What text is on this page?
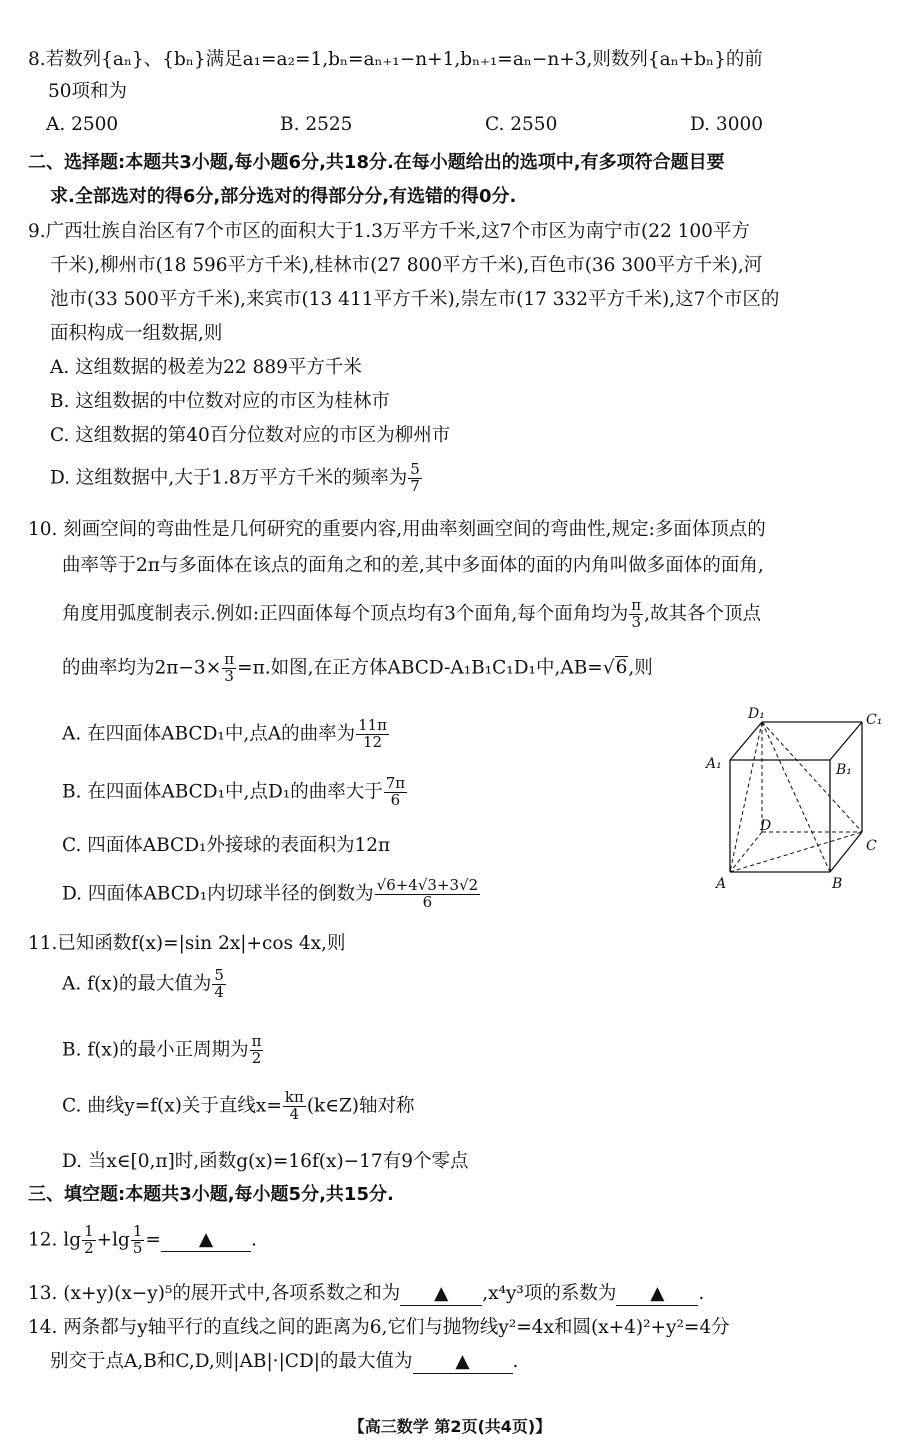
8.若数列{aₙ}、{bₙ}满足a₁=a₂=1,bₙ=aₙ₊₁−n+1,bₙ₊₁=aₙ−n+3,则数列{aₙ+bₙ}的前
50项和为
A. 2500	B. 2525	C. 2550	D. 3000
二、选择题:本题共3小题,每小题6分,共18分.在每小题给出的选项中,有多项符合题目要
求.全部选对的得6分,部分选对的得部分分,有选错的得0分.
9.广西壮族自治区有7个市区的面积大于1.3万平方千米,这7个市区为南宁市(22 100平方
千米),柳州市(18 596平方千米),桂林市(27 800平方千米),百色市(36 300平方千米),河
池市(33 500平方千米),来宾市(13 411平方千米),崇左市(17 332平方千米),这7个市区的
面积构成一组数据,则
A. 这组数据的极差为22 889平方千米
B. 这组数据的中位数对应的市区为桂林市
C. 这组数据的第40百分位数对应的市区为柳州市
D. 这组数据中,大于1.8万平方千米的频率为 $\frac{5}{7}$
10. 刻画空间的弯曲性是几何研究的重要内容,用曲率刻画空间的弯曲性,规定:多面体顶点的
曲率等于2π与多面体在该点的面角之和的差,其中多面体的面的内角叫做多面体的面角,
角度用弧度制表示.例如:正四面体每个顶点均有3个面角,每个面角均为 $\frac{\pi}{3}$ ,故其各个顶点
的曲率均为$2\pi-3\times \frac{\pi}{3} =\pi$.如图,在正方体ABCD-A₁B₁C₁D₁中,AB=√6,则
A. 在四面体ABCD₁中,点A的曲率为 $\frac{11\pi}{12}$
B. 在四面体ABCD₁中,点D₁的曲率大于 $\frac{7\pi}{6}$
C. 四面体ABCD₁外接球的表面积为12π
D. 四面体ABCD₁内切球半径的倒数为 $\frac{√6+4√3+3√2}{6}$
D₁	C₁
A₁	B₁
D
C
A	B
11.已知函数f(x)=|sin 2x|+cos 4x,则
A. f(x)的最大值为 $\frac{5}{4}$
B. f(x)的最小正周期为 $\frac{\pi}{2}$
C. 曲线y=f(x)关于直线$x= \frac{k\pi}{4}$ (k∈Z)轴对称
D. 当x∈[0,π]时,函数g(x)=16f(x)−17有9个零点
三、填空题:本题共3小题,每小题5分,共15分.
12. $\lg \frac{1}{2} +\lg \frac{1}{5}$ = ▲ .
13. (x+y)(x−y)⁵的展开式中,各项系数之和为 ▲ ,x⁴y³项的系数为 ▲ .
14. 两条都与y轴平行的直线之间的距离为6,它们与抛物线y²=4x和圆(x+4)²+y²=4分
别交于点A,B和C,D,则|AB|·|CD|的最大值为 ▲ .
【高三数学 第2页(共4页)】
